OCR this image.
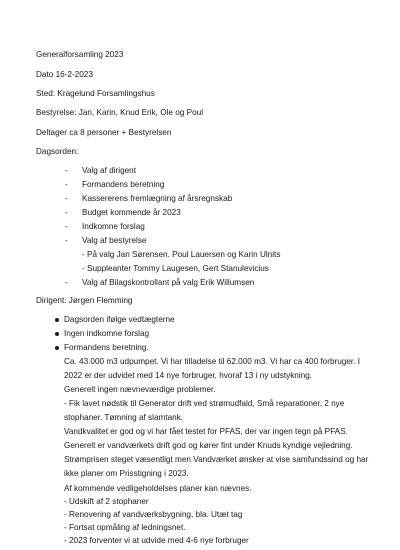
Generalforsamling 2023
Dato 16-2-2023
Sted: Kragelund Forsamlingshus
Bestyrelse: Jan, Karin, Knud Erik, Ole og Poul
Deltager ca 8 personer + Bestyrelsen
Dagsorden:
- Valg af dirigent
- Formandens beretning
- Kassererens fremlægning af årsregnskab
- Budget kommende år 2023
- Indkomne forslag
- Valg af bestyrelse
- På valg Jan Sørensen. Poul Lauersen og Karin Ulnits
- Suppleanter Tommy Laugesen, Gert Stanulevicius
- Valg af Bilagskontrollant på valg Erik Willumsen
Dirigent: Jørgen Flemming
Dagsorden ifølge vedtægterne
Ingen indkomne forslag
Formandens beretning.
Ca. 43.000 m3 udpumpet. Vi har tilladelse til 62.000 m3. Vi har ca 400 forbruger. I
2022 er der udvidet med 14 nye forbruger, hvoraf 13 i ny udstykning.
Generelt ingen nævneværdige problemer.
- Fik lavet nødstik til Generator drift ved strømudfald, Små reparationer. 2 nye
stophaner. Tømning af slamtank.
Vandkvalitet er god og vi har fået testet for PFAS, der var ingen tegn på PFAS.
Generelt er vandværkets drift god og kører fint under Knuds kyndige vejledning.
Strømprisen steget væsentligt men Vandværket ønsker at vise samfundssind og har
ikke planer om Prisstigning i 2023.
Af kommende vedligeholdelses planer kan nævnes.
- Udskift af 2 stophaner
- Renovering af vandværksbygning, bla. Utæt tag
- Fortsat opmåling af ledningsnet.
- 2023 forventer vi at udvide med 4-6 nye forbruger
